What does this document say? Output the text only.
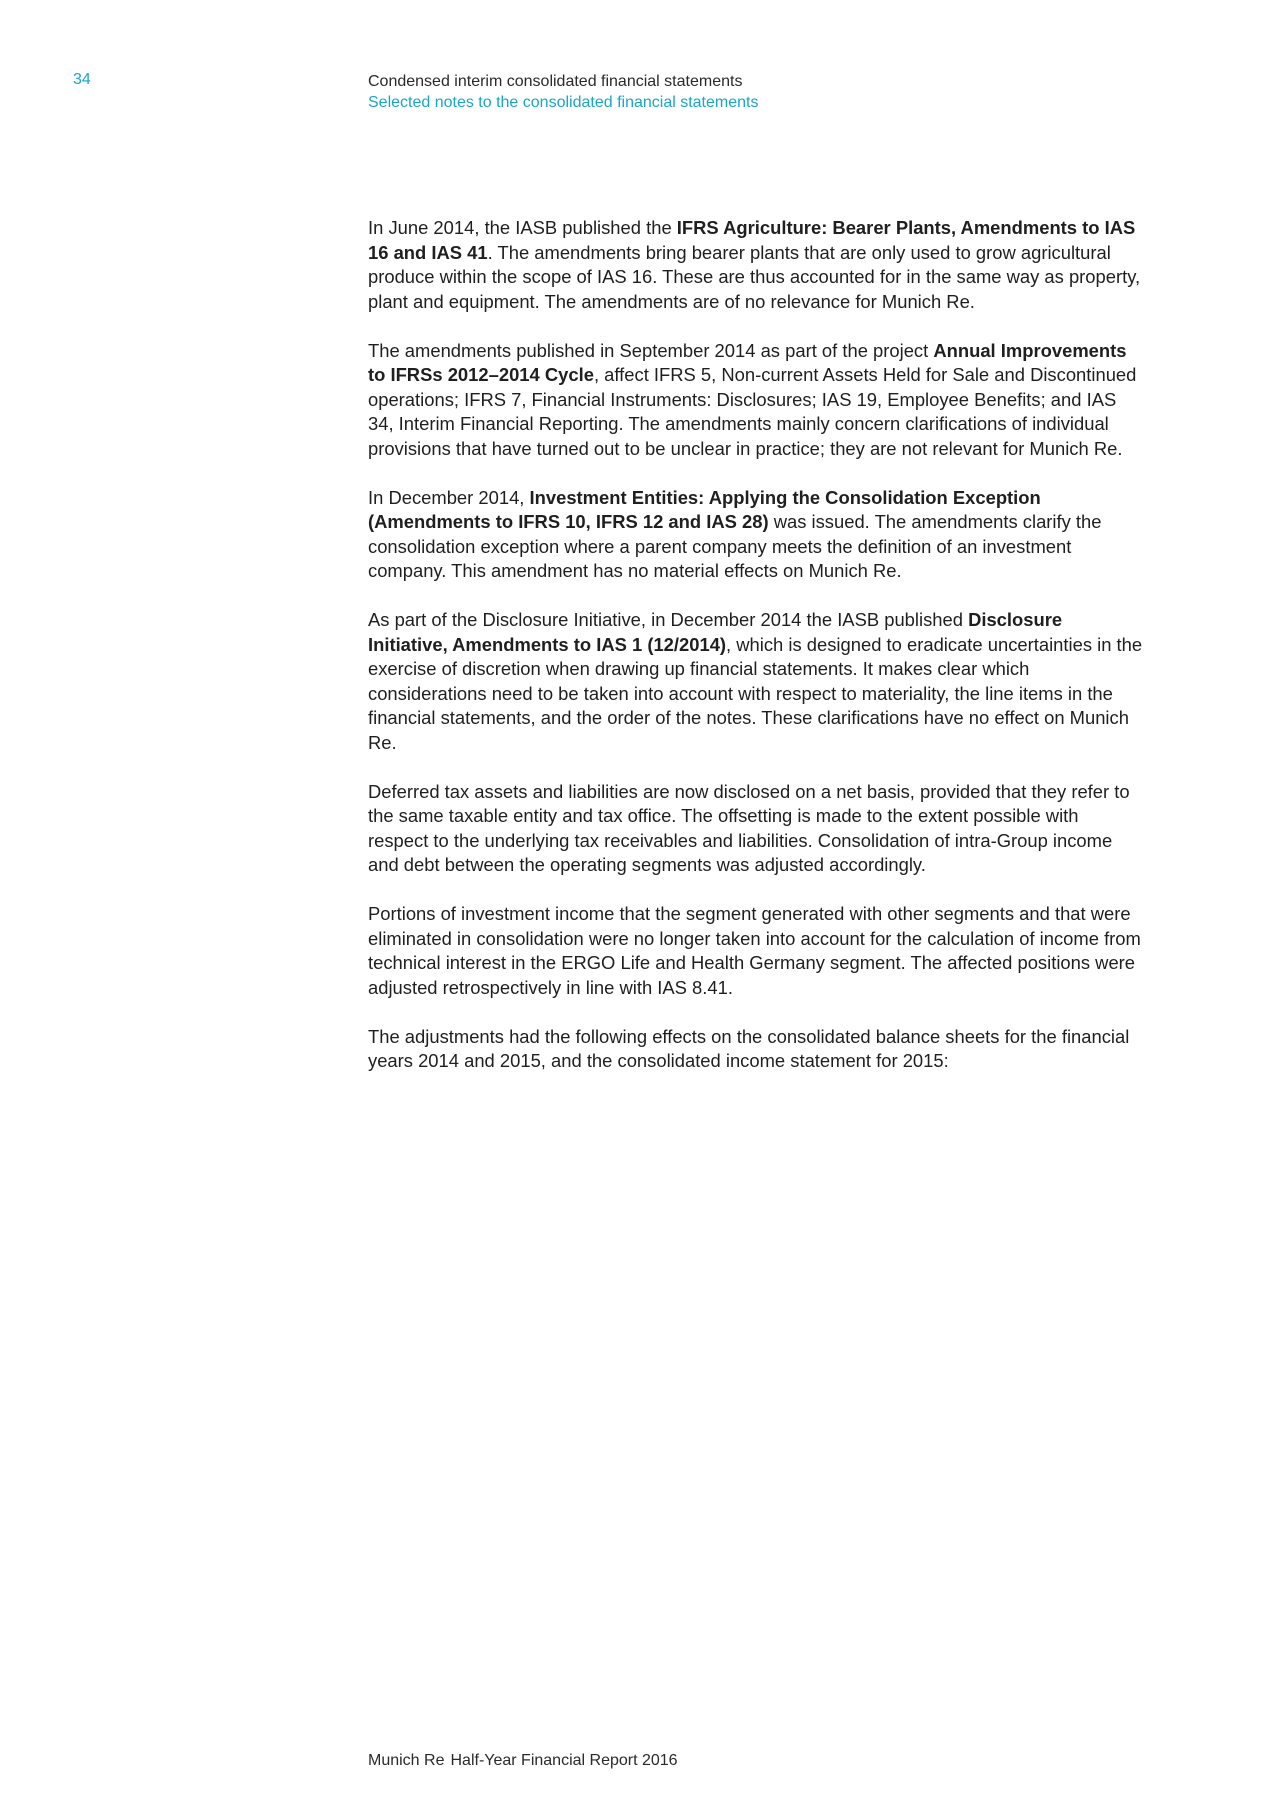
34	Condensed interim consolidated financial statements
Selected notes to the consolidated financial statements

In June 2014, the IASB published the IFRS Agriculture: Bearer Plants, Amendments to IAS 16 and IAS 41. The amendments bring bearer plants that are only used to grow agricultural produce within the scope of IAS 16. These are thus accounted for in the same way as property, plant and equipment. The amendments are of no relevance for Munich Re.

The amendments published in September 2014 as part of the project Annual Improvements to IFRSs 2012–2014 Cycle, affect IFRS 5, Non-current Assets Held for Sale and Discontinued operations; IFRS 7, Financial Instruments: Disclosures; IAS 19, Employee Benefits; and IAS 34, Interim Financial Reporting. The amendments mainly concern clarifications of individual provisions that have turned out to be unclear in practice; they are not relevant for Munich Re.

In December 2014, Investment Entities: Applying the Consolidation Exception (Amendments to IFRS 10, IFRS 12 and IAS 28) was issued. The amendments clarify the consolidation exception where a parent company meets the definition of an investment company. This amendment has no material effects on Munich Re.

As part of the Disclosure Initiative, in December 2014 the IASB published Disclosure Initiative, Amendments to IAS 1 (12/2014), which is designed to eradicate uncertainties in the exercise of discretion when drawing up financial statements. It makes clear which considerations need to be taken into account with respect to materiality, the line items in the financial statements, and the order of the notes. These clarifications have no effect on Munich Re.

Deferred tax assets and liabilities are now disclosed on a net basis, provided that they refer to the same taxable entity and tax office. The offsetting is made to the extent possible with respect to the underlying tax receivables and liabilities. Consolidation of intra-Group income and debt between the operating segments was adjusted accordingly.

Portions of investment income that the segment generated with other segments and that were eliminated in consolidation were no longer taken into account for the calculation of income from technical interest in the ERGO Life and Health Germany segment. The affected positions were adjusted retrospectively in line with IAS 8.41.

The adjustments had the following effects on the consolidated balance sheets for the financial years 2014 and 2015, and the consolidated income statement for 2015:

Munich Re Half-Year Financial Report 2016
